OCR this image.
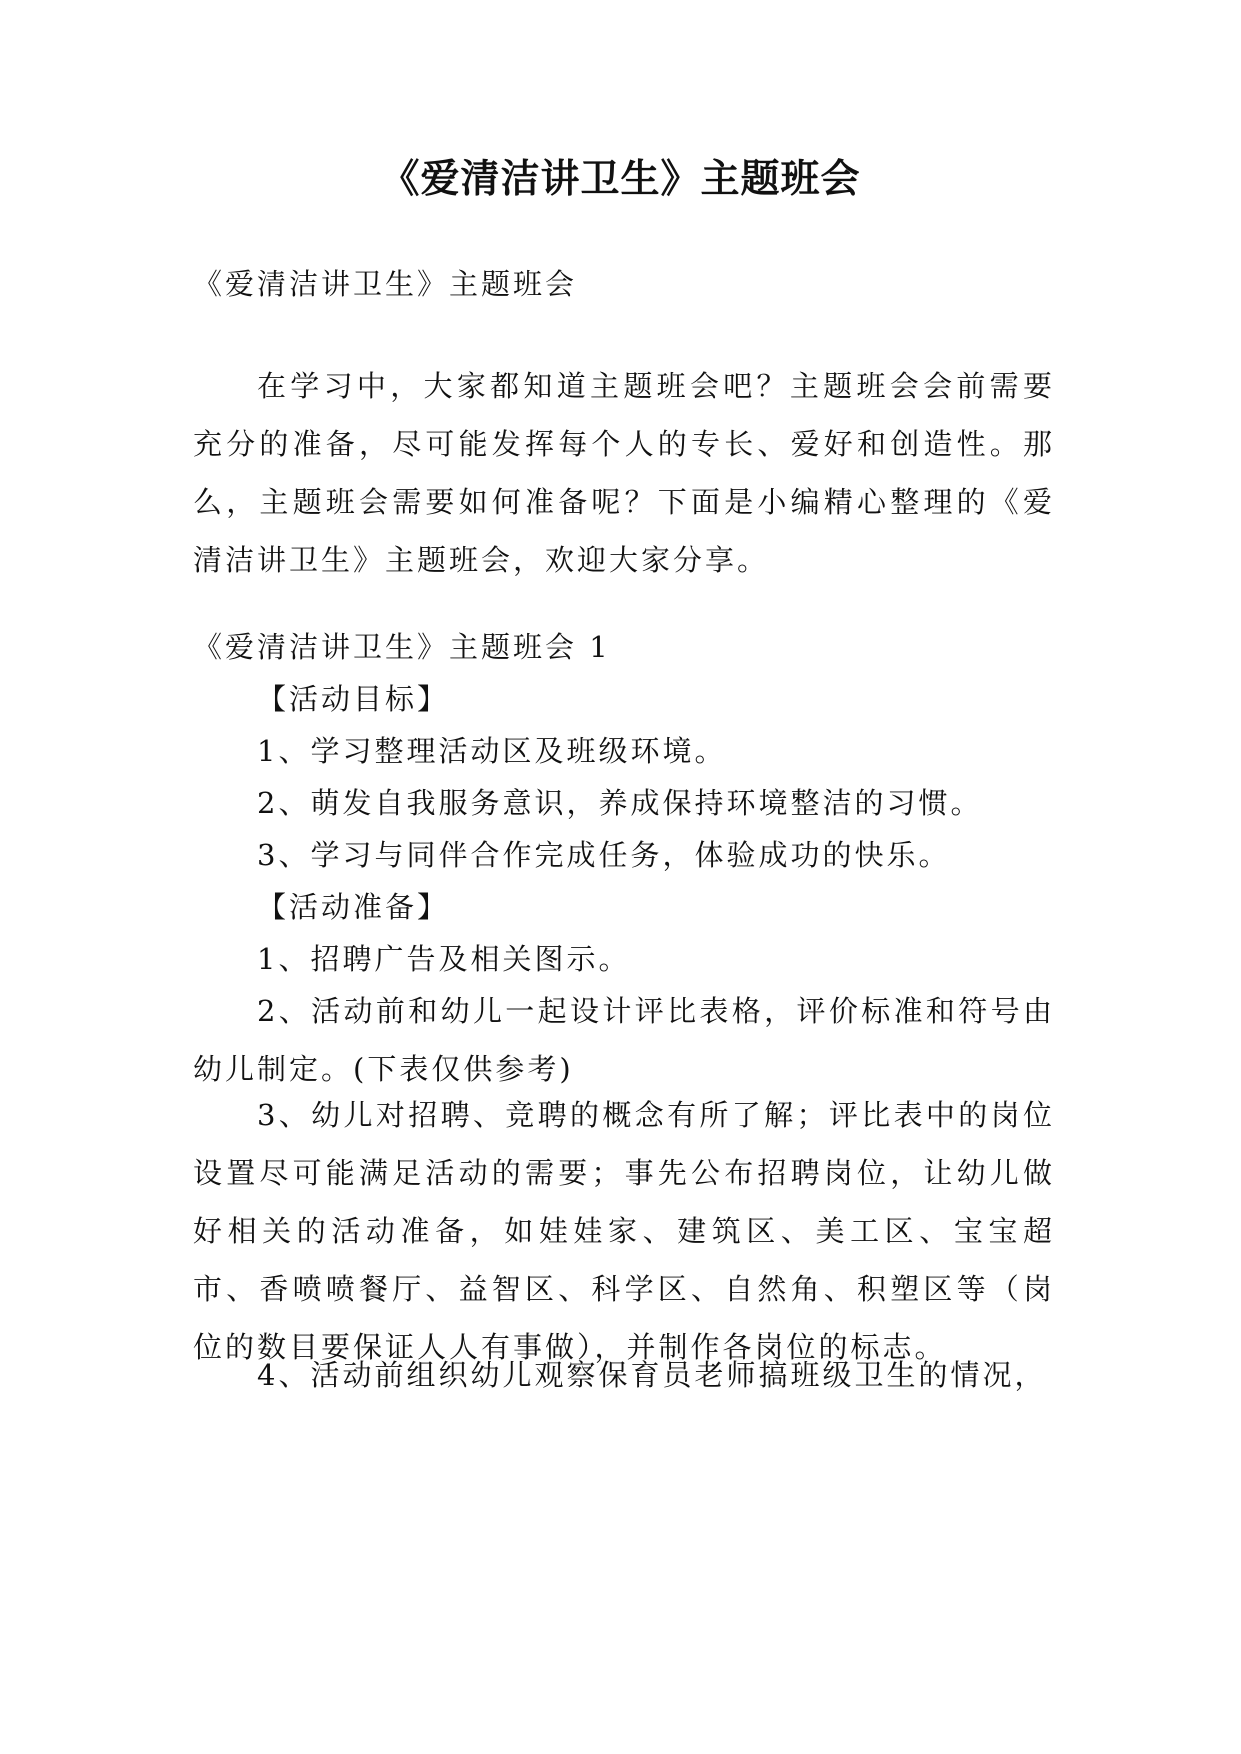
《爱清洁讲卫生》主题班会

《爱清洁讲卫生》主题班会

在学习中，大家都知道主题班会吧？主题班会会前需要充分的准备，尽可能发挥每个人的专长、爱好和创造性。那么，主题班会需要如何准备呢？下面是小编精心整理的《爱清洁讲卫生》主题班会，欢迎大家分享。

《爱清洁讲卫生》主题班会 1

【活动目标】

1、学习整理活动区及班级环境。

2、萌发自我服务意识，养成保持环境整洁的习惯。

3、学习与同伴合作完成任务，体验成功的快乐。

【活动准备】

1、招聘广告及相关图示。

2、活动前和幼儿一起设计评比表格，评价标准和符号由幼儿制定。(下表仅供参考)

3、幼儿对招聘、竞聘的概念有所了解；评比表中的岗位设置尽可能满足活动的需要；事先公布招聘岗位，让幼儿做好相关的活动准备，如娃娃家、建筑区、美工区、宝宝超市、香喷喷餐厅、益智区、科学区、自然角、积塑区等（岗位的数目要保证人人有事做），并制作各岗位的标志。

4、活动前组织幼儿观察保育员老师搞班级卫生的情况，
